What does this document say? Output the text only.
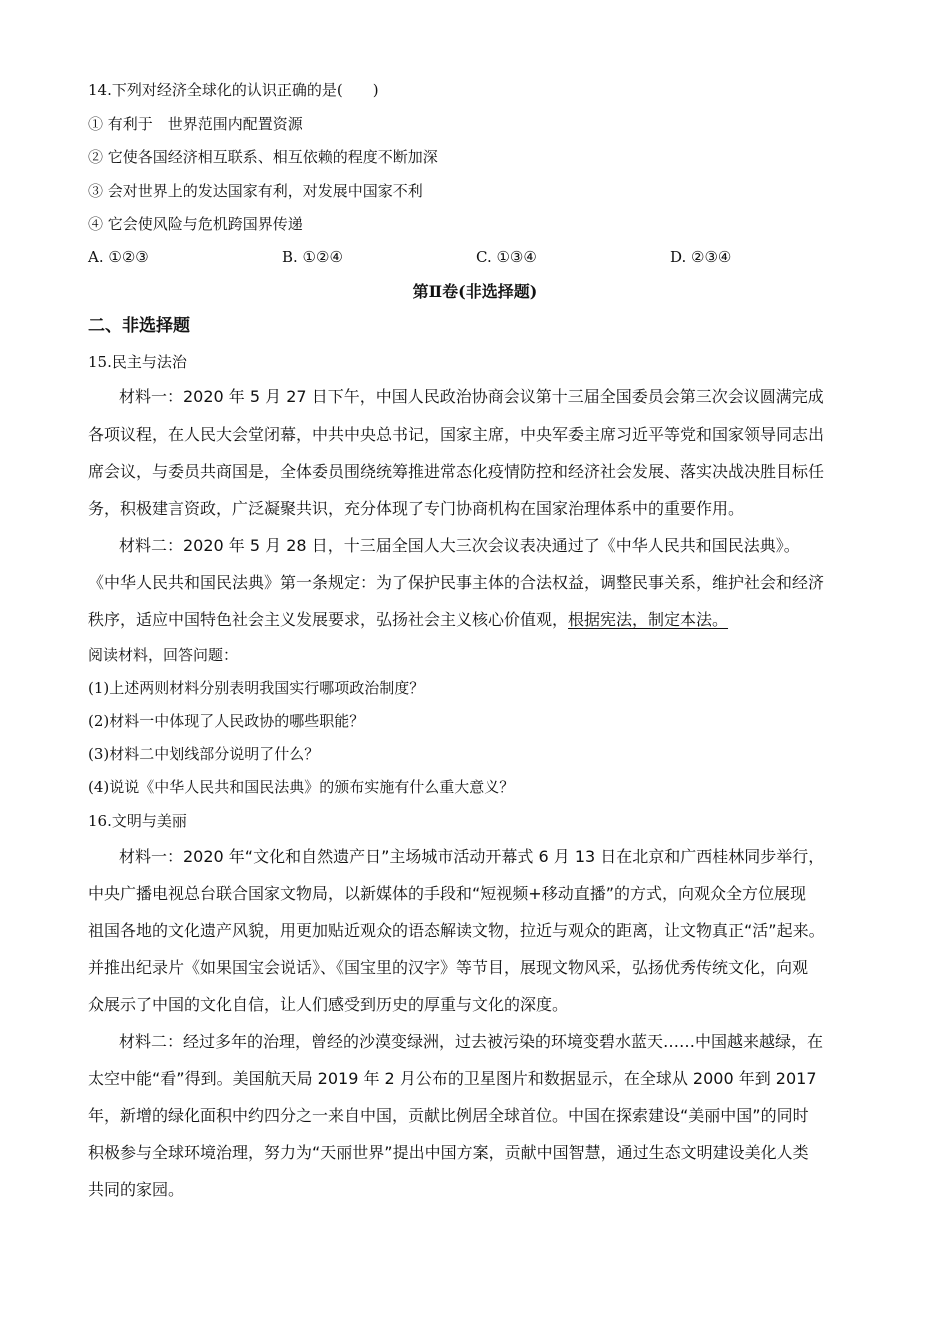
14.下列对经济全球化的认识正确的是(　　)
① 有利于　世界范围内配置资源
② 它使各国经济相互联系、相互依赖的程度不断加深
③ 会对世界上的发达国家有利，对发展中国家不利
④ 它会使风险与危机跨国界传递
A. ①②③	B. ①②④	C. ①③④	D. ②③④
第Ⅱ卷(非选择题)
二、非选择题
15.民主与法治
材料一：2020 年 5 月 27 日下午，中国人民政治协商会议第十三届全国委员会第三次会议圆满完成
各项议程，在人民大会堂闭幕，中共中央总书记，国家主席，中央军委主席习近平等党和国家领导同志出
席会议，与委员共商国是，全体委员围绕统筹推进常态化疫情防控和经济社会发展、落实决战决胜目标任
务，积极建言资政，广泛凝聚共识，充分体现了专门协商机构在国家治理体系中的重要作用。
材料二：2020 年 5 月 28 日，十三届全国人大三次会议表决通过了《中华人民共和国民法典》。
《中华人民共和国民法典》第一条规定：为了保护民事主体的合法权益，调整民事关系，维护社会和经济
秩序，适应中国特色社会主义发展要求，弘扬社会主义核心价值观，根据宪法，制定本法。
阅读材料，回答问题：
(1)上述两则材料分别表明我国实行哪项政治制度？
(2)材料一中体现了人民政协的哪些职能？
(3)材料二中划线部分说明了什么？
(4)说说《中华人民共和国民法典》的颁布实施有什么重大意义？
16.文明与美丽
材料一：2020 年“文化和自然遗产日”主场城市活动开幕式 6 月 13 日在北京和广西桂林同步举行，
中央广播电视总台联合国家文物局，以新媒体的手段和“短视频+移动直播”的方式，向观众全方位展现
祖国各地的文化遗产风貌，用更加贴近观众的语态解读文物，拉近与观众的距离，让文物真正“活”起来。
并推出纪录片《如果国宝会说话》、《国宝里的汉字》等节目，展现文物风采，弘扬优秀传统文化，向观
众展示了中国的文化自信，让人们感受到历史的厚重与文化的深度。
材料二：经过多年的治理，曾经的沙漠变绿洲，过去被污染的环境变碧水蓝天……中国越来越绿，在
太空中能“看”得到。美国航天局 2019 年 2 月公布的卫星图片和数据显示，在全球从 2000 年到 2017
年，新增的绿化面积中约四分之一来自中国，贡献比例居全球首位。中国在探索建设“美丽中国”的同时
积极参与全球环境治理，努力为“天丽世界”提出中国方案，贡献中国智慧，通过生态文明建设美化人类
共同的家园。
